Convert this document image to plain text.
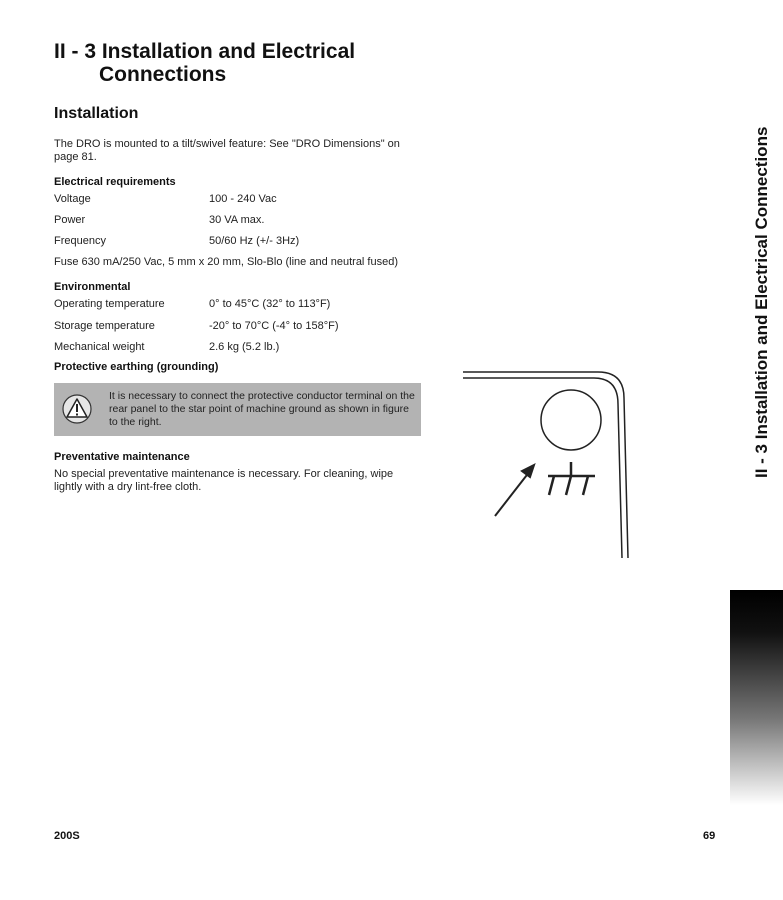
II - 3 Installation and Electrical
Connections
Installation
The DRO is mounted to a tilt/swivel feature: See "DRO Dimensions" on page 81.
Electrical requirements
Voltage	100 - 240 Vac
Power	30 VA max.
Frequency	50/60 Hz (+/- 3Hz)
Fuse 630 mA/250 Vac, 5 mm x 20 mm, Slo-Blo (line and neutral fused)
Environmental
Operating temperature	0° to 45°C (32° to 113°F)
Storage temperature	-20° to 70°C (-4° to 158°F)
Mechanical weight	2.6 kg (5.2 lb.)
Protective earthing (grounding)
It is necessary to connect the protective conductor terminal on the rear panel to the star point of machine ground as shown in figure to the right.
Preventative maintenance
No special preventative maintenance is necessary. For cleaning, wipe lightly with a dry lint-free cloth.
II - 3 Installation and Electrical Connections
200S	69
